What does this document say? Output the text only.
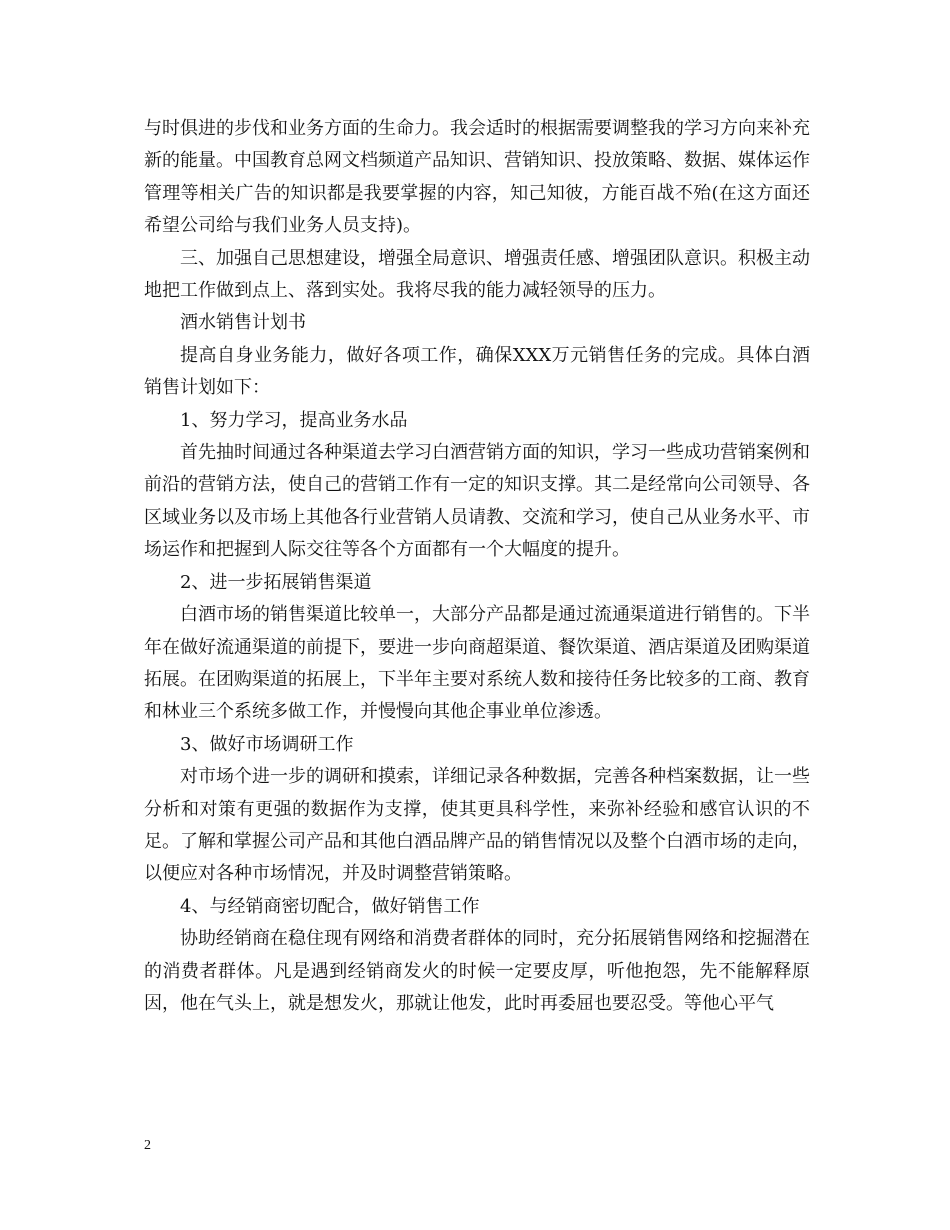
与时俱进的步伐和业务方面的生命力。我会适时的根据需要调整我的学习方向来补充新的能量。中国教育总网文档频道产品知识、营销知识、投放策略、数据、媒体运作管理等相关广告的知识都是我要掌握的内容，知己知彼，方能百战不殆(在这方面还希望公司给与我们业务人员支持)。

三、加强自己思想建设，增强全局意识、增强责任感、增强团队意识。积极主动地把工作做到点上、落到实处。我将尽我的能力减轻领导的压力。

酒水销售计划书

提高自身业务能力，做好各项工作，确保XXX万元销售任务的完成。具体白酒销售计划如下：

1、努力学习，提高业务水品

首先抽时间通过各种渠道去学习白酒营销方面的知识，学习一些成功营销案例和前沿的营销方法，使自己的营销工作有一定的知识支撑。其二是经常向公司领导、各区域业务以及市场上其他各行业营销人员请教、交流和学习，使自己从业务水平、市场运作和把握到人际交往等各个方面都有一个大幅度的提升。

2、进一步拓展销售渠道

白酒市场的销售渠道比较单一，大部分产品都是通过流通渠道进行销售的。下半年在做好流通渠道的前提下，要进一步向商超渠道、餐饮渠道、酒店渠道及团购渠道拓展。在团购渠道的拓展上，下半年主要对系统人数和接待任务比较多的工商、教育和林业三个系统多做工作，并慢慢向其他企事业单位渗透。

3、做好市场调研工作

对市场个进一步的调研和摸索，详细记录各种数据，完善各种档案数据，让一些分析和对策有更强的数据作为支撑，使其更具科学性，来弥补经验和感官认识的不足。了解和掌握公司产品和其他白酒品牌产品的销售情况以及整个白酒市场的走向，以便应对各种市场情况，并及时调整营销策略。

4、与经销商密切配合，做好销售工作

协助经销商在稳住现有网络和消费者群体的同时，充分拓展销售网络和挖掘潜在的消费者群体。凡是遇到经销商发火的时候一定要皮厚，听他抱怨，先不能解释原因，他在气头上，就是想发火，那就让他发，此时再委屈也要忍受。等他心平气

2
